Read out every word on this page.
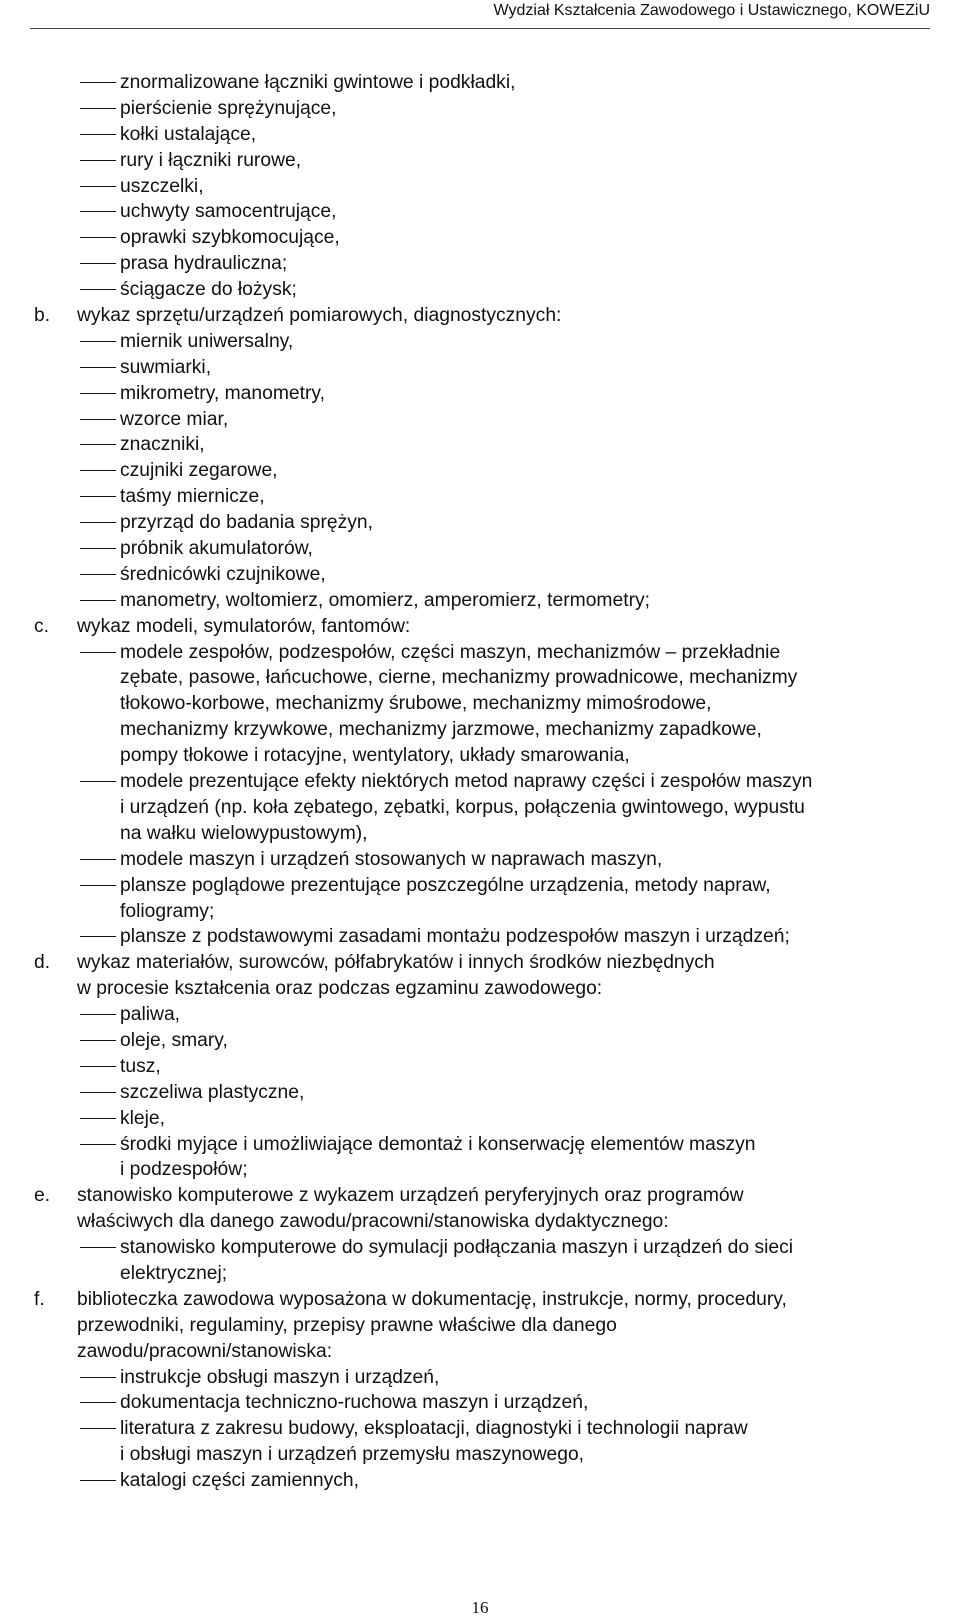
Wydział Kształcenia Zawodowego i Ustawicznego, KOWEZiU
znormalizowane łączniki gwintowe i podkładki,
pierścienie sprężynujące,
kołki ustalające,
rury i łączniki rurowe,
uszczelki,
uchwyty samocentrujące,
oprawki szybkomocujące,
prasa hydrauliczna;
ściągacze do łożysk;
b. wykaz sprzętu/urządzeń pomiarowych, diagnostycznych:
miernik uniwersalny,
suwmiarki,
mikrometry, manometry,
wzorce miar,
znaczniki,
czujniki zegarowe,
taśmy miernicze,
przyrząd do badania sprężyn,
próbnik akumulatorów,
średnicówki czujnikowe,
manometry, woltomierz, omomierz, amperomierz, termometry;
c. wykaz modeli, symulatorów, fantomów:
modele zespołów, podzespołów, części maszyn, mechanizmów – przekładnie
zębate, pasowe, łańcuchowe, cierne, mechanizmy prowadnicowe, mechanizmy
tłokowo-korbowe, mechanizmy śrubowe, mechanizmy mimośrodowe,
mechanizmy krzywkowe, mechanizmy jarzmowe, mechanizmy zapadkowe,
pompy tłokowe i rotacyjne, wentylatory, układy smarowania,
modele prezentujące efekty niektórych metod naprawy części i zespołów maszyn
i urządzeń (np. koła zębatego, zębatki, korpus, połączenia gwintowego, wypustu
na wałku wielowypustowym),
modele maszyn i urządzeń stosowanych w naprawach maszyn,
plansze poglądowe prezentujące poszczególne urządzenia, metody napraw,
foliogramy;
plansze z podstawowymi zasadami montażu podzespołów maszyn i urządzeń;
d. wykaz materiałów, surowców, półfabrykatów i innych środków niezbędnych
w procesie kształcenia oraz podczas egzaminu zawodowego:
paliwa,
oleje, smary,
tusz,
szczeliwa plastyczne,
kleje,
środki myjące i umożliwiające demontaż i konserwację elementów maszyn
i podzespołów;
e. stanowisko komputerowe z wykazem urządzeń peryferyjnych oraz programów
właściwych dla danego zawodu/pracowni/stanowiska dydaktycznego:
stanowisko komputerowe do symulacji podłączania maszyn i urządzeń do sieci
elektrycznej;
f. biblioteczka zawodowa wyposażona w dokumentację, instrukcje, normy, procedury,
przewodniki, regulaminy, przepisy prawne właściwe dla danego
zawodu/pracowni/stanowiska:
instrukcje obsługi maszyn i urządzeń,
dokumentacja techniczno-ruchowa maszyn i urządzeń,
literatura z zakresu budowy, eksploatacji, diagnostyki i technologii napraw
i obsługi maszyn i urządzeń przemysłu maszynowego,
katalogi części zamiennych,
16
